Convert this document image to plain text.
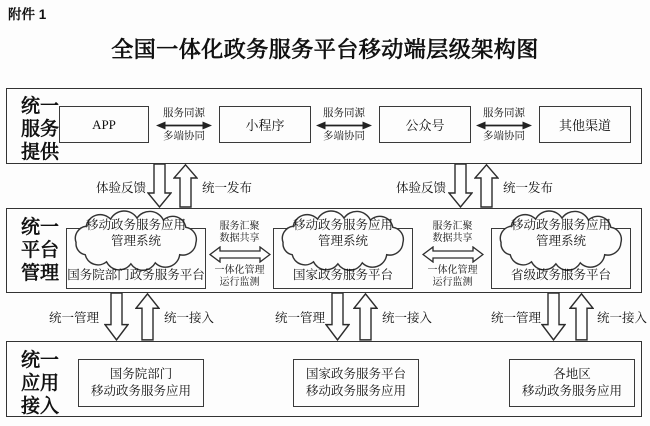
附件 1
全国一体化政务服务平台移动端层级架构图
统一
服务
提供
APP
服务同源
多端协同
小程序
服务同源
多端协同
公众号
服务同源
多端协同
其他渠道
体验反馈	统一发布	体验反馈	统一发布
统一
平台
管理
移动政务服务应用
管理系统
国务院部门政务服务平台
服务汇聚
数据共享
一体化管理
运行监测
移动政务服务应用
管理系统
国家政务服务平台
服务汇聚
数据共享
一体化管理
运行监测
移动政务服务应用
管理系统
省级政务服务平台
统一管理	统一接入	统一管理	统一接入	统一管理	统一接入
统一
应用
接入
国务院部门
移动政务服务应用
国家政务服务平台
移动政务服务应用
各地区
移动政务服务应用
